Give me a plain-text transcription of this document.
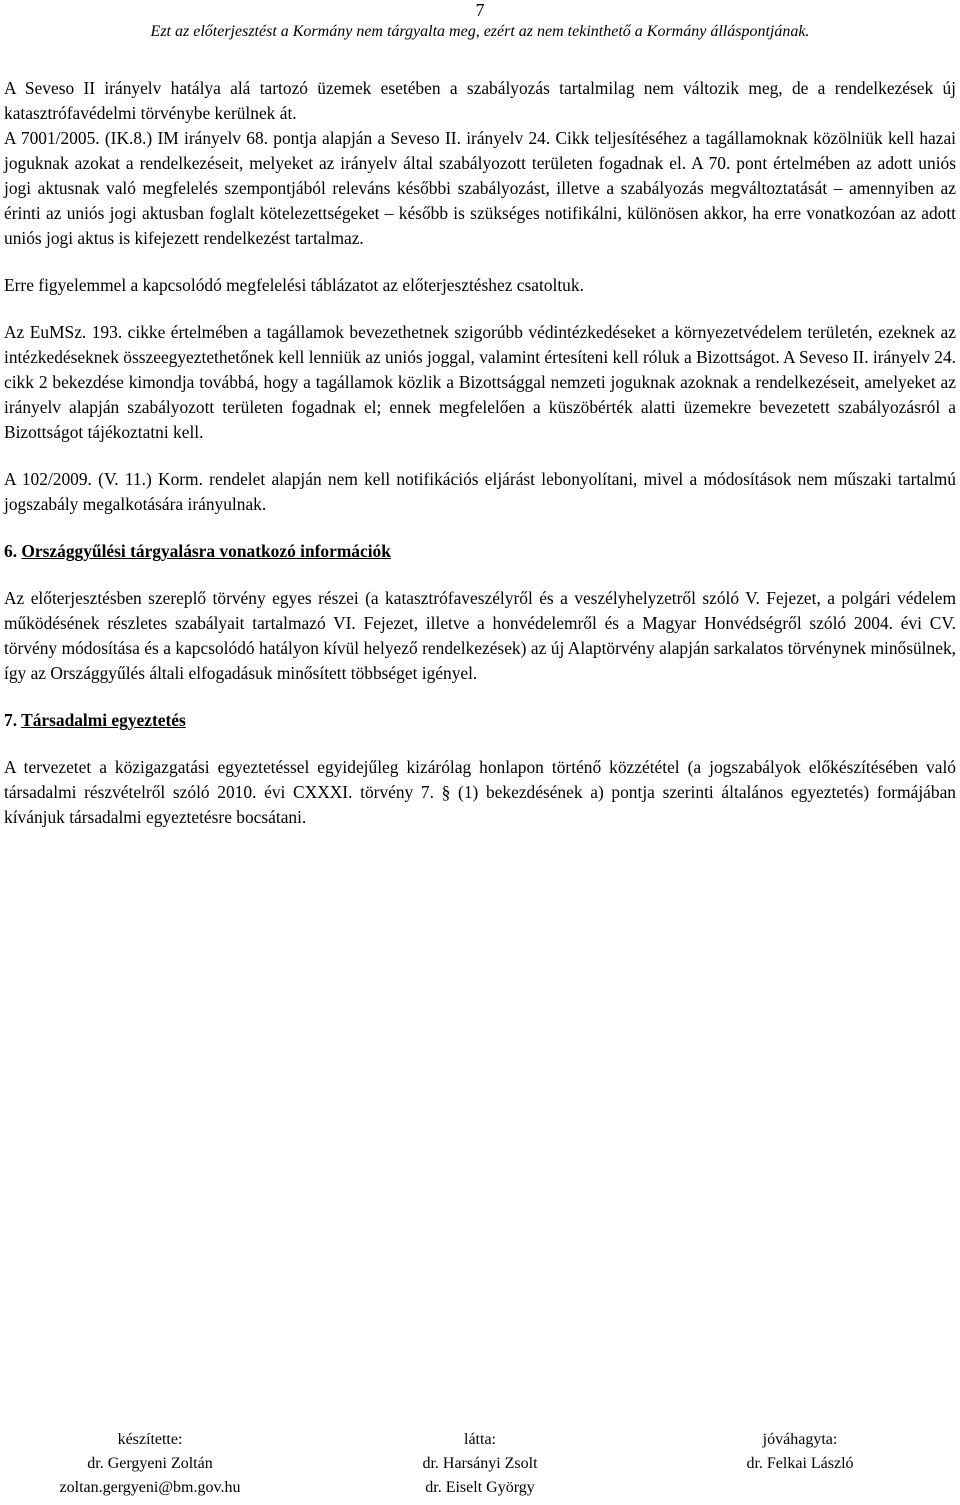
7
Ezt az előterjesztést a Kormány nem tárgyalta meg, ezért az nem tekinthető a Kormány álláspontjának.

A Seveso II irányelv hatálya alá tartozó üzemek esetében a szabályozás tartalmilag nem változik meg, de a rendelkezések új katasztrófavédelmi törvénybe kerülnek át.

A 7001/2005. (IK.8.) IM irányelv 68. pontja alapján a Seveso II. irányelv 24. Cikk teljesítéséhez a tagállamoknak közölniük kell hazai joguknak azokat a rendelkezéseit, melyeket az irányelv által szabályozott területen fogadnak el. A 70. pont értelmében az adott uniós jogi aktusnak való megfelelés szempontjából releváns későbbi szabályozást, illetve a szabályozás megváltoztatását – amennyiben az érinti az uniós jogi aktusban foglalt kötelezettségeket – később is szükséges notifikálni, különösen akkor, ha erre vonatkozóan az adott uniós jogi aktus is kifejezett rendelkezést tartalmaz.

Erre figyelemmel a kapcsolódó megfelelési táblázatot az előterjesztéshez csatoltuk.

Az EuMSz. 193. cikke értelmében a tagállamok bevezethetnek szigorúbb védintézkedéseket a környezetvédelem területén, ezeknek az intézkedéseknek összeegyeztethetőnek kell lenniük az uniós joggal, valamint értesíteni kell róluk a Bizottságot. A Seveso II. irányelv 24. cikk 2 bekezdése kimondja továbbá, hogy a tagállamok közlik a Bizottsággal nemzeti joguknak azoknak a rendelkezéseit, amelyeket az irányelv alapján szabályozott területen fogadnak el; ennek megfelelően a küszöbérték alatti üzemekre bevezetett szabályozásról a Bizottságot tájékoztatni kell.

A 102/2009. (V. 11.) Korm. rendelet alapján nem kell notifikációs eljárást lebonyolítani, mivel a módosítások nem műszaki tartalmú jogszabály megalkotására irányulnak.

6. Országgyűlési tárgyalásra vonatkozó információk

Az előterjesztésben szereplő törvény egyes részei (a katasztrófaveszélyről és a veszélyhelyzetről szóló V. Fejezet, a polgári védelem működésének részletes szabályait tartalmazó VI. Fejezet, illetve a honvédelemről és a Magyar Honvédségről szóló 2004. évi CV. törvény módosítása és a kapcsolódó hatályon kívül helyező rendelkezések) az új Alaptörvény alapján sarkalatos törvénynek minősülnek, így az Országgyűlés általi elfogadásuk minősített többséget igényel.

7. Társadalmi egyeztetés

A tervezetet a közigazgatási egyeztetéssel egyidejűleg kizárólag honlapon történő közzététel (a jogszabályok előkészítésében való társadalmi részvételről szóló 2010. évi CXXXI. törvény 7. § (1) bekezdésének a) pontja szerinti általános egyeztetés) formájában kívánjuk társadalmi egyeztetésre bocsátani.

készítette:
dr. Gergyeni Zoltán
zoltan.gergyeni@bm.gov.hu
látta:
dr. Harsányi Zsolt
dr. Eiselt György
jóváhagyta:
dr. Felkai László
